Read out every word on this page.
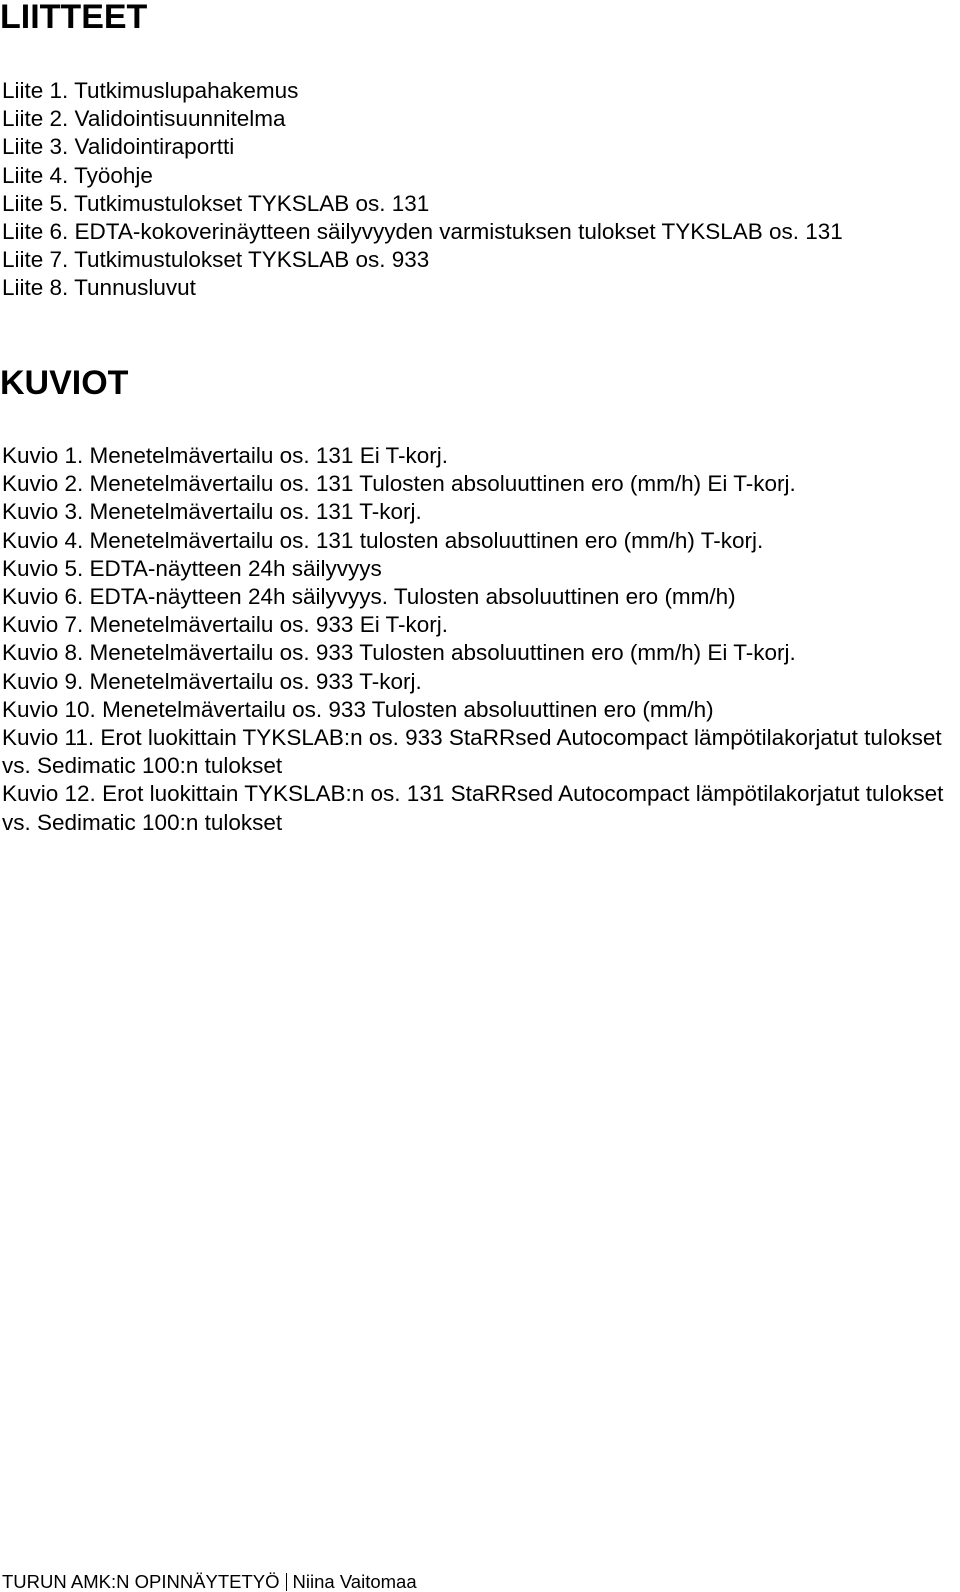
LIITTEET
Liite 1. Tutkimuslupahakemus
Liite 2. Validointisuunnitelma
Liite 3. Validointiraportti
Liite 4. Työohje
Liite 5. Tutkimustulokset TYKSLAB os. 131
Liite 6. EDTA-kokoverinäytteen säilyvyyden varmistuksen tulokset TYKSLAB os. 131
Liite 7. Tutkimustulokset TYKSLAB os. 933
Liite 8. Tunnusluvut
KUVIOT
Kuvio 1. Menetelmävertailu os. 131 Ei T-korj.
Kuvio 2. Menetelmävertailu os. 131 Tulosten absoluuttinen ero (mm/h) Ei T-korj.
Kuvio 3. Menetelmävertailu os. 131 T-korj.
Kuvio 4. Menetelmävertailu os. 131 tulosten absoluuttinen ero (mm/h) T-korj.
Kuvio 5. EDTA-näytteen 24h säilyvyys
Kuvio 6. EDTA-näytteen 24h säilyvyys. Tulosten absoluuttinen ero (mm/h)
Kuvio 7. Menetelmävertailu os. 933 Ei T-korj.
Kuvio 8. Menetelmävertailu os. 933 Tulosten absoluuttinen ero (mm/h) Ei T-korj.
Kuvio 9. Menetelmävertailu os. 933 T-korj.
Kuvio 10. Menetelmävertailu os. 933 Tulosten absoluuttinen ero (mm/h)
Kuvio 11. Erot luokittain TYKSLAB:n os. 933 StaRRsed Autocompact lämpötilakorjatut tulokset vs. Sedimatic 100:n tulokset
Kuvio 12. Erot luokittain TYKSLAB:n os. 131 StaRRsed Autocompact lämpötilakorjatut tulokset vs. Sedimatic 100:n tulokset
TURUN AMK:N OPINNÄYTETYÖ Niina Vaitomaa
